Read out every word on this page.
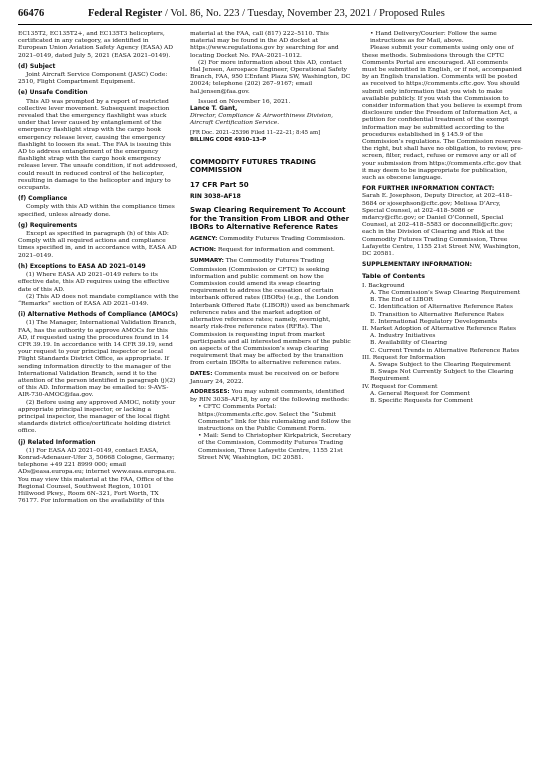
66476	Federal Register / Vol. 86, No. 223 / Tuesday, November 23, 2021 / Proposed Rules

EC135T2, EC135T2+, and EC135T3 helicopters, certificated in any category, as identified in European Union Aviation Safety Agency (EASA) AD 2021–0149, dated July 5, 2021 (EASA 2021–0149).

(d) Subject

Joint Aircraft Service Component (JASC) Code: 2510, Flight Compartment Equipment.

(e) Unsafe Condition

This AD was prompted by a report of restricted collective lever movement. Subsequent inspection revealed that the emergency flashlight was stuck under that lever caused by entanglement of the emergency flashlight strap with the cargo hook emergency release lever, causing the emergency flashlight to loosen its seat. The FAA is issuing this AD to address entanglement of the emergency flashlight strap with the cargo hook emergency release lever. The unsafe condition, if not addressed, could result in reduced control of the helicopter, resulting in damage to the helicopter and injury to occupants.

(f) Compliance

Comply with this AD within the compliance times specified, unless already done.

(g) Requirements

Except as specified in paragraph (h) of this AD: Comply with all required actions and compliance times specified in, and in accordance with, EASA AD 2021–0149.

(h) Exceptions to EASA AD 2021–0149

(1) Where EASA AD 2021–0149 refers to its effective date, this AD requires using the effective date of this AD.

(2) This AD does not mandate compliance with the “Remarks” section of EASA AD 2021–0149.

(i) Alternative Methods of Compliance (AMOCs)

(1) The Manager, International Validation Branch, FAA, has the authority to approve AMOCs for this AD, if requested using the procedures found in 14 CFR 39.19. In accordance with 14 CFR 39.19, send your request to your principal inspector or local Flight Standards District Office, as appropriate. If sending information directly to the manager of the International Validation Branch, send it to the attention of the person identified in paragraph (j)(2) of this AD. Information may be emailed to: 9-AVS-AIR-730-AMOC@faa.gov.

(2) Before using any approved AMOC, notify your appropriate principal inspector, or lacking a principal inspector, the manager of the local flight standards district office/certificate holding district office.

(j) Related Information

(1) For EASA AD 2021–0149, contact EASA, Konrad-Adenauer-Ufer 3, 50668 Cologne, Germany; telephone +49 221 8999 000; email ADs@easa.europa.eu; internet www.easa.europa.eu. You may view this material at the FAA, Office of the Regional Counsel, Southwest Region, 10101 Hillwood Pkwy., Room 6N–321, Fort Worth, TX 76177. For information on the availability of this

material at the FAA, call (817) 222–5110. This material may be found in the AD docket at https://www.regulations.gov by searching for and locating Docket No. FAA–2021–1012.

(2) For more information about this AD, contact Hal Jensen, Aerospace Engineer, Operational Safety Branch, FAA, 950 L’Enfant Plaza SW, Washington, DC 20024; telephone (202) 267–9167; email hal.jensen@faa.gov.

Issued on November 16, 2021.

Lance T. Gant,

Director, Compliance & Airworthiness Division, Aircraft Certification Service.

[FR Doc. 2021–25396 Filed 11–22–21; 8:45 am]

BILLING CODE 4910–13–P

COMMODITY FUTURES TRADING COMMISSION
17 CFR Part 50
RIN 3038–AF18
Swap Clearing Requirement To Account for the Transition From LIBOR and Other IBORs to Alternative Reference Rates

AGENCY: Commodity Futures Trading Commission.

ACTION: Request for information and comment.

SUMMARY: The Commodity Futures Trading Commission (Commission or CFTC) is seeking information and public comment on how the Commission could amend its swap clearing requirement to address the cessation of certain interbank offered rates (IBORs) (e.g., the London Interbank Offered Rate (LIBOR)) used as benchmark reference rates and the market adoption of alternative reference rates; namely, overnight, nearly risk-free reference rates (RFRs). The Commission is requesting input from market participants and all interested members of the public on aspects of the Commission’s swap clearing requirement that may be affected by the transition from certain IBORs to alternative reference rates.

DATES: Comments must be received on or before January 24, 2022.

ADDRESSES: You may submit comments, identified by RIN 3038–AF18, by any of the following methods:

• CFTC Comments Portal: https://comments.cftc.gov. Select the “Submit Comments” link for this rulemaking and follow the instructions on the Public Comment Form.

• Mail: Send to Christopher Kirkpatrick, Secretary of the Commission, Commodity Futures Trading Commission, Three Lafayette Centre, 1155 21st Street NW, Washington, DC 20581.

• Hand Delivery/Courier: Follow the same instructions as for Mail, above.

Please submit your comments using only one of these methods. Submissions through the CFTC Comments Portal are encouraged. All comments must be submitted in English, or if not, accompanied by an English translation. Comments will be posted as received to https://comments.cftc.gov. You should submit only information that you wish to make available publicly. If you wish the Commission to consider information that you believe is exempt from disclosure under the Freedom of Information Act, a petition for confidential treatment of the exempt information may be submitted according to the procedures established in § 145.9 of the Commission’s regulations. The Commission reserves the right, but shall have no obligation, to review, pre-screen, filter, redact, refuse or remove any or all of your submission from https://comments.cftc.gov that it may deem to be inappropriate for publication, such as obscene language.

FOR FURTHER INFORMATION CONTACT:

Sarah E. Josephson, Deputy Director, at 202–418–5684 or sjosephson@cftc.gov; Melissa D’Arcy, Special Counsel, at 202–418–5086 or mdarcy@cftc.gov; or Daniel O’Connell, Special Counsel, at 202–418–5583 or doconnell@cftc.gov; each in the Division of Clearing and Risk at the Commodity Futures Trading Commission, Three Lafayette Centre, 1155 21st Street NW, Washington, DC 20581.

SUPPLEMENTARY INFORMATION:
Table of Contents
I. Background
A. The Commission’s Swap Clearing Requirement
B. The End of LIBOR
C. Identification of Alternative Reference Rates
D. Transition to Alternative Reference Rates
E. International Regulatory Developments
II. Market Adoption of Alternative Reference Rates
A. Industry Initiatives
B. Availability of Clearing
C. Current Trends in Alternative Reference Rates
III. Request for Information
A. Swaps Subject to the Clearing Requirement
B. Swaps Not Currently Subject to the Clearing Requirement
IV. Request for Comment
A. General Request for Comment
B. Specific Requests for Comment
